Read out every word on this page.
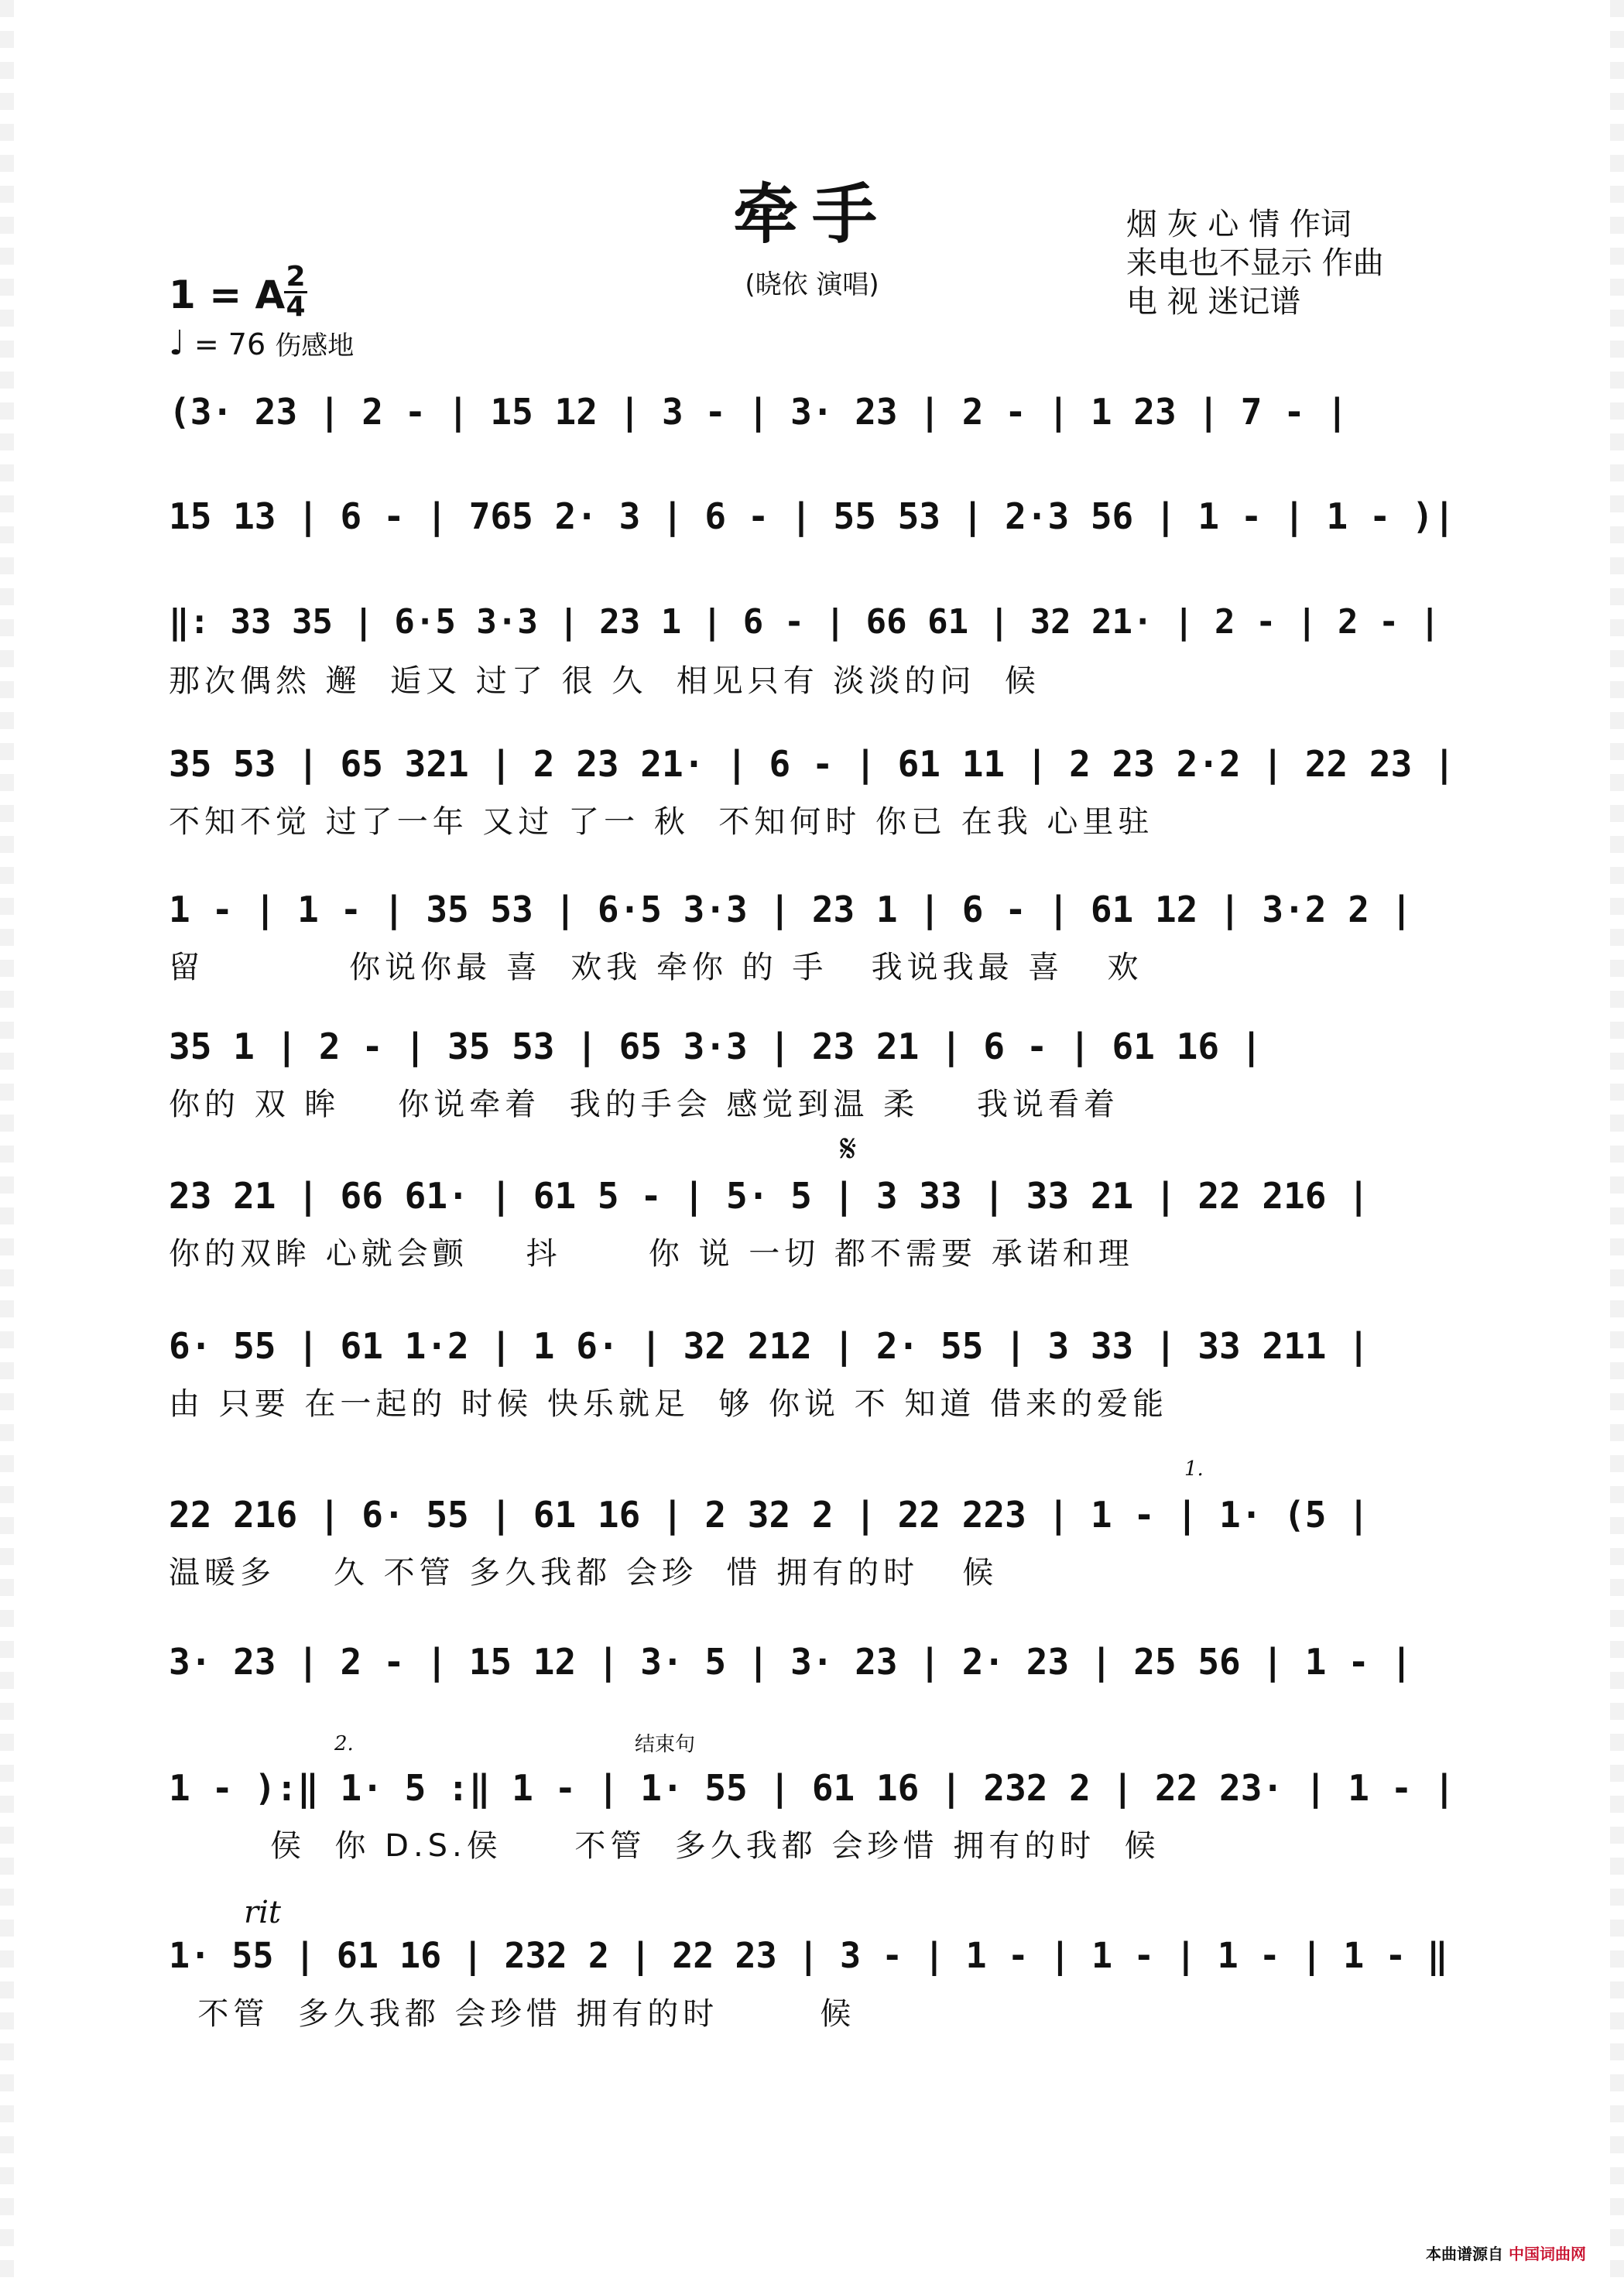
牵手
(晓依 演唱)
烟 灰 心 情 作词
来电也不显示 作曲
电 视 迷记谱
1 = A 2
4
♩ = 76 伤感地
𝄋
1.
2.	结束句
rit
(3· 23 | 2 - | 15 12 | 3 - | 3· 23 | 2 - | 1 23 | 7 - |
15 13 | 6 - | 765 2· 3 | 6 - | 55 53 | 2·3 56 | 1 - | 1 - )|
‖: 33 35 | 6·5 3·3 | 23 1 | 6 - | 66 61 | 32 21· | 2 - | 2 - |
那次偶然 邂  逅又 过了 很 久  相见只有 淡淡的问  候
35 53 | 65 321 | 2 23 21· | 6 - | 61 11 | 2 23 2·2 | 22 23 |
不知不觉 过了一年 又过 了一 秋  不知何时 你已 在我 心里驻
1 - | 1 - | 35 53 | 6·5 3·3 | 23 1 | 6 - | 61 12 | 3·2 2 |
留          你说你最 喜  欢我 牵你 的 手   我说我最 喜   欢
35 1 | 2 - | 35 53 | 65 3·3 | 23 21 | 6 - | 61 16 |
你的 双 眸    你说牵着  我的手会 感觉到温 柔    我说看着
23 21 | 66 61· | 61 5 - | 5· 5 | 3 33 | 33 21 | 22 216 |
你的双眸 心就会颤    抖      你 说 一切 都不需要 承诺和理
6· 55 | 61 1·2 | 1 6· | 32 212 | 2· 55 | 3 33 | 33 211 |
由 只要 在一起的 时候 快乐就足  够 你说 不 知道 借来的爱能
22 216 | 6· 55 | 61 16 | 2 32 2 | 22 223 | 1 - | 1· (5 |
温暖多    久 不管 多久我都 会珍  惜 拥有的时   候
3· 23 | 2 - | 15 12 | 3· 5 | 3· 23 | 2· 23 | 25 56 | 1 - |
1 - ):‖ 1· 5 :‖ 1 - | 1· 55 | 61 16 | 232 2 | 22 23· | 1 - |
侯  你 D.S.侯     不管  多久我都 会珍惜 拥有的时  候
1· 55 | 61 16 | 232 2 | 22 23 | 3 - | 1 - | 1 - | 1 - | 1 - ‖
不管  多久我都 会珍惜 拥有的时       候
本曲谱源自 中国词曲网
